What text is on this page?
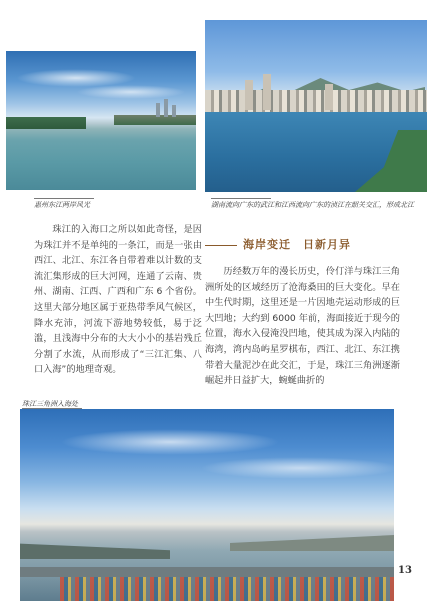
惠州东江两岸风光	湖南流向广东的武江和江西流向广东的浈江在韶关交汇，形成北江
珠江的入海口之所以如此奇怪，是因为珠江并不是单纯的一条江，而是一张由西江、北江、东江各自带着难以计数的支流汇集形成的巨大河网，连通了云南、贵州、湖南、江西、广西和广东 6 个省份。这里大部分地区属于亚热带季风气候区，降水充沛，河流下游地势较低，易于泛滥，且浅海中分布的大大小小的基岩残丘分割了水流，从而形成了“三江汇集、八口入海”的地理奇观。
海岸变迁　日新月异
历经数万年的漫长历史，伶仃洋与珠江三角洲所处的区域经历了沧海桑田的巨大变化。早在中生代时期，这里还是一片因地壳运动形成的巨大凹地；大约到 6000 年前，海面接近于现今的位置，海水入侵淹没凹地，使其成为深入内陆的海湾，湾内岛屿星罗棋布，西江、北江、东江携带着大量泥沙在此交汇，于是，珠江三角洲逐渐崛起并日益扩大，蜿蜒曲折的
珠江三角洲入海处
13
